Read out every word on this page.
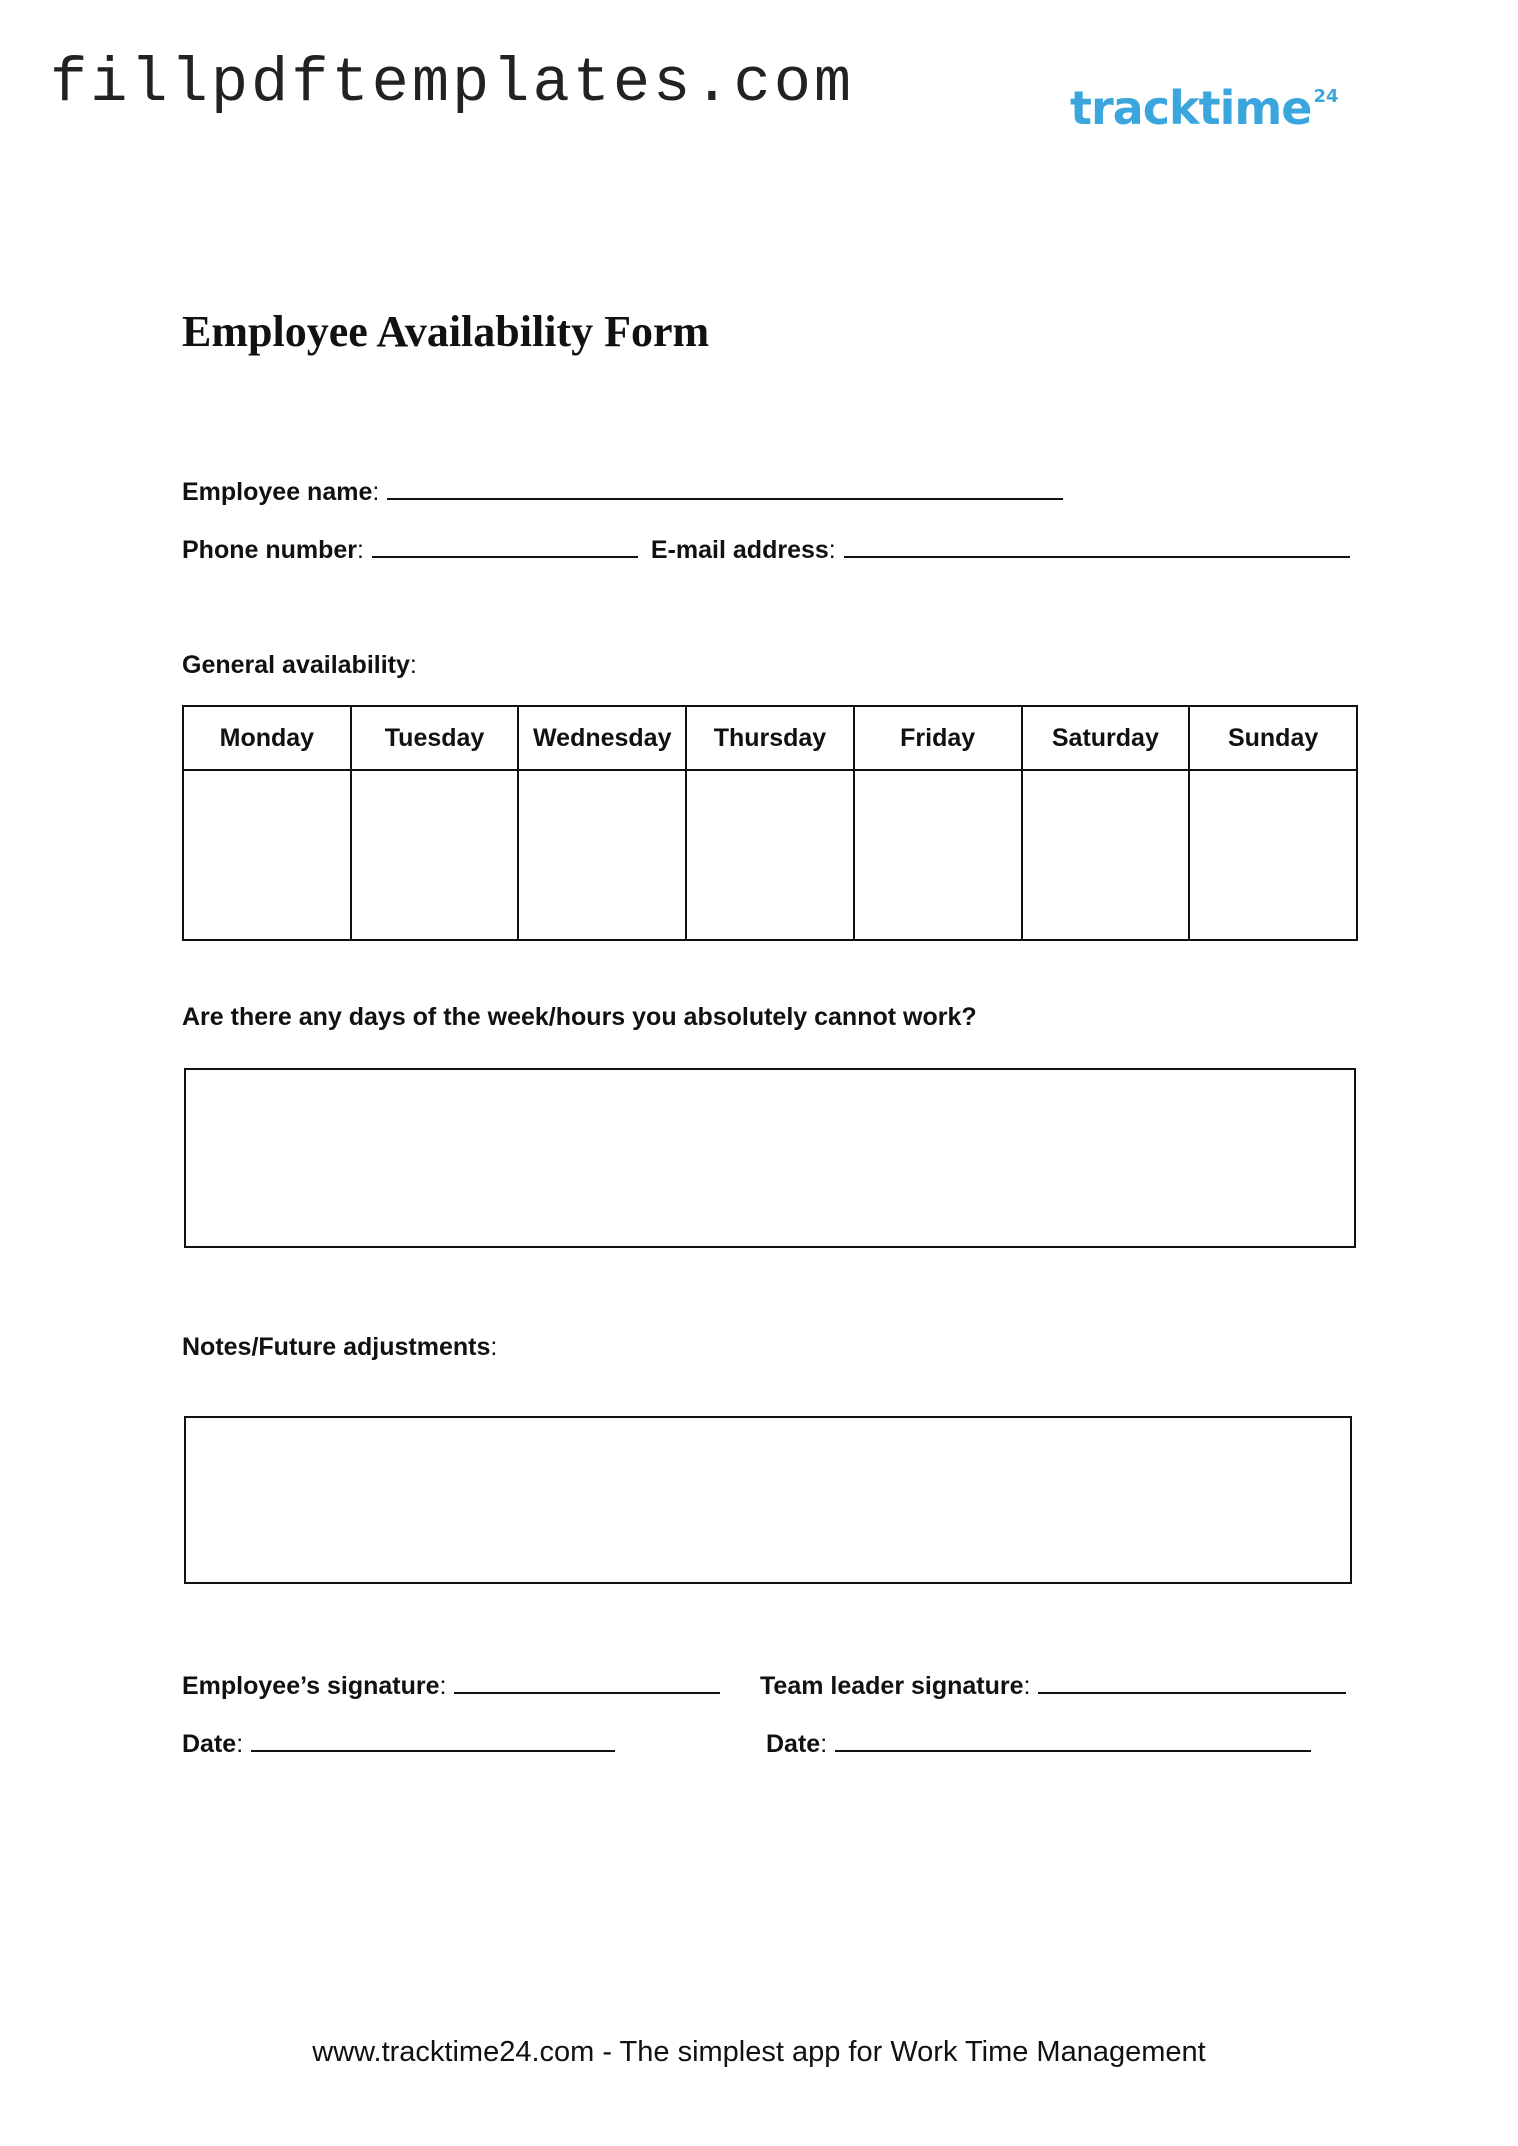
fillpdftemplates.com	tracktime 24
Employee Availability Form
Employee name:
Phone number:	E-mail address:
General availability:
Monday	Tuesday	Wednesday	Thursday	Friday	Saturday	Sunday

Are there any days of the week/hours you absolutely cannot work?
Notes/Future adjustments:
Employee’s signature:	Team leader signature:
Date:	Date:
www.tracktime24.com - The simplest app for Work Time Management
